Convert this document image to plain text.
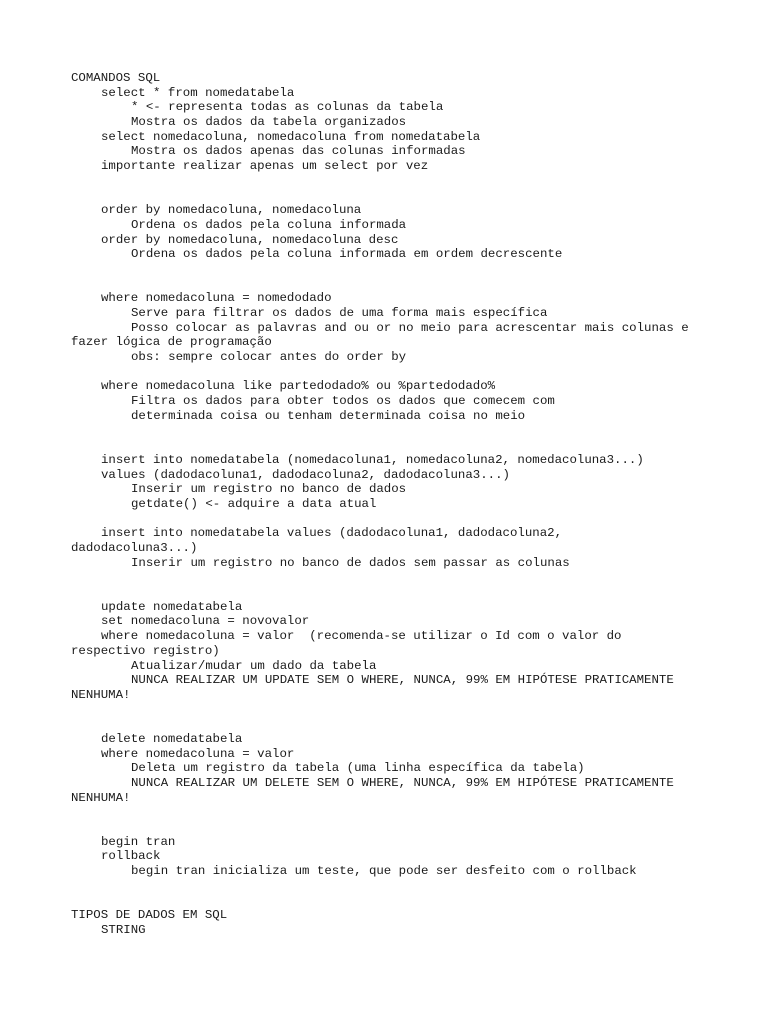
COMANDOS SQL
select * from nomedatabela
* <- representa todas as colunas da tabela
Mostra os dados da tabela organizados
select nomedacoluna, nomedacoluna from nomedatabela
Mostra os dados apenas das colunas informadas
importante realizar apenas um select por vez
order by nomedacoluna, nomedacoluna
Ordena os dados pela coluna informada
order by nomedacoluna, nomedacoluna desc
Ordena os dados pela coluna informada em ordem decrescente
where nomedacoluna = nomedodado
Serve para filtrar os dados de uma forma mais específica
Posso colocar as palavras and ou or no meio para acrescentar mais colunas e
fazer lógica de programação
obs: sempre colocar antes do order by
where nomedacoluna like partedodado% ou %partedodado%
Filtra os dados para obter todos os dados que comecem com
determinada coisa ou tenham determinada coisa no meio
insert into nomedatabela (nomedacoluna1, nomedacoluna2, nomedacoluna3...)
values (dadodacoluna1, dadodacoluna2, dadodacoluna3...)
Inserir um registro no banco de dados
getdate() <- adquire a data atual
insert into nomedatabela values (dadodacoluna1, dadodacoluna2,
dadodacoluna3...)
Inserir um registro no banco de dados sem passar as colunas
update nomedatabela
set nomedacoluna = novovalor
where nomedacoluna = valor  (recomenda-se utilizar o Id com o valor do
respectivo registro)
Atualizar/mudar um dado da tabela
NUNCA REALIZAR UM UPDATE SEM O WHERE, NUNCA, 99% EM HIPÓTESE PRATICAMENTE
NENHUMA!
delete nomedatabela
where nomedacoluna = valor
Deleta um registro da tabela (uma linha específica da tabela)
NUNCA REALIZAR UM DELETE SEM O WHERE, NUNCA, 99% EM HIPÓTESE PRATICAMENTE
NENHUMA!
begin tran
rollback
begin tran inicializa um teste, que pode ser desfeito com o rollback
TIPOS DE DADOS EM SQL
STRING
